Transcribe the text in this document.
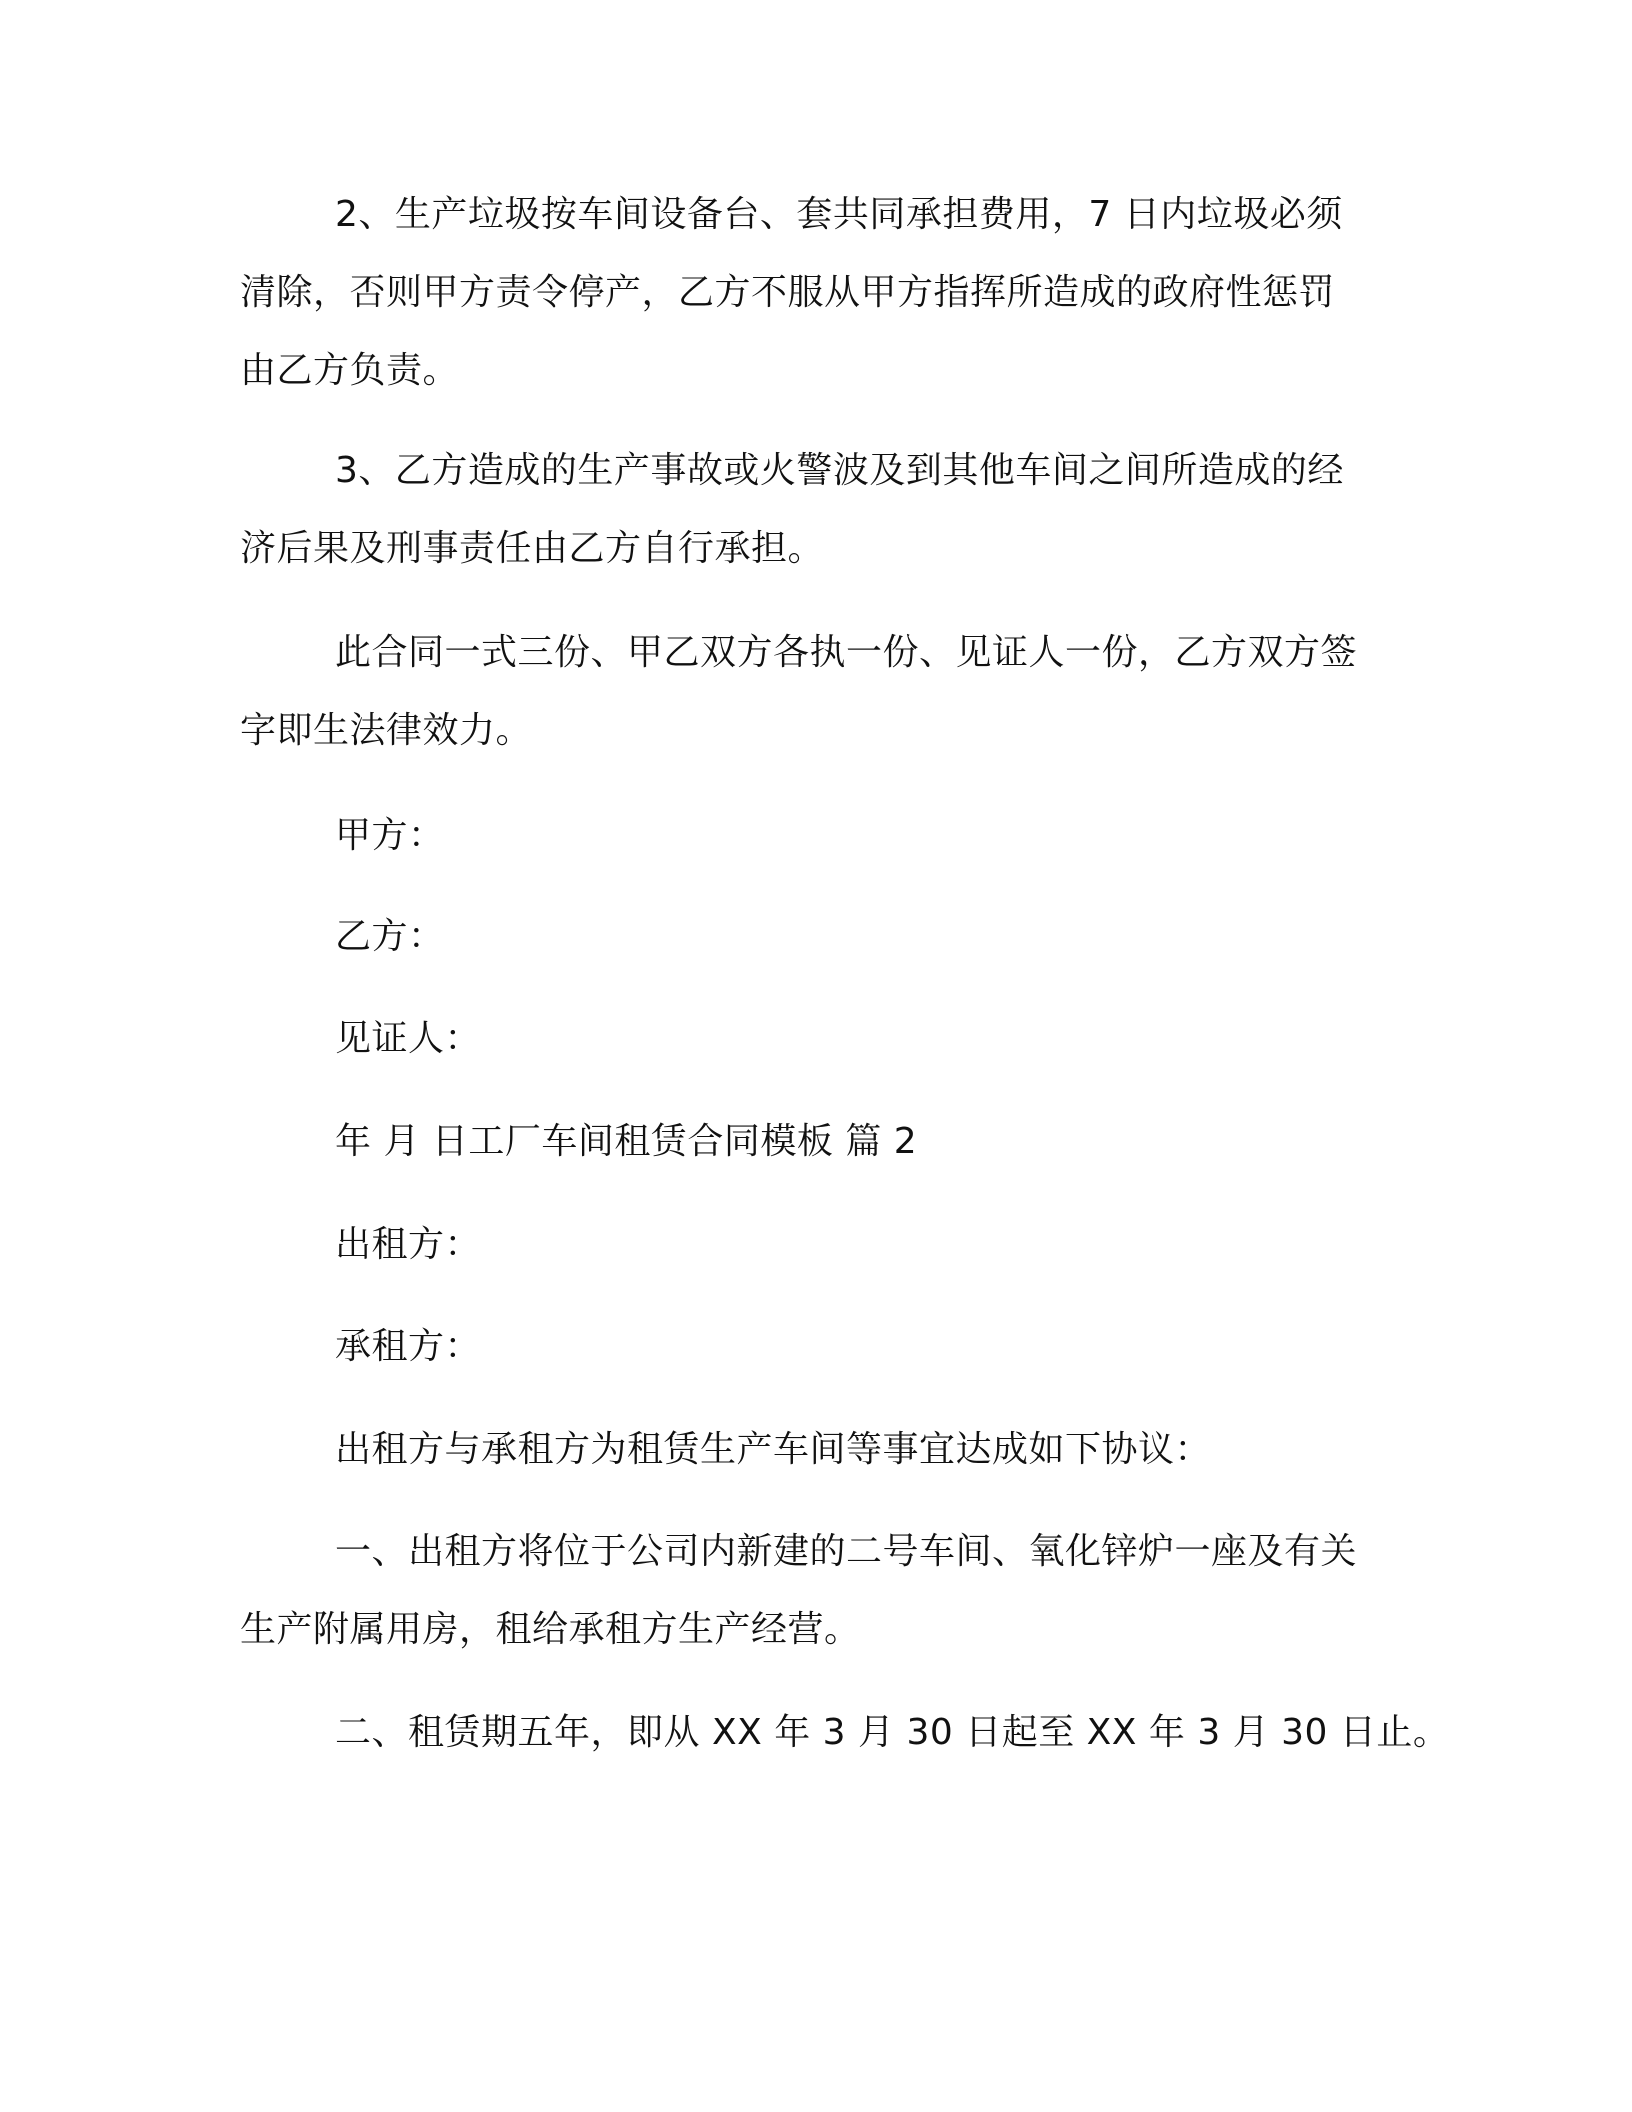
2、生产垃圾按车间设备台、套共同承担费用，7 日内垃圾必须
清除，否则甲方责令停产，乙方不服从甲方指挥所造成的政府性惩罚
由乙方负责。
3、乙方造成的生产事故或火警波及到其他车间之间所造成的经
济后果及刑事责任由乙方自行承担。
此合同一式三份、甲乙双方各执一份、见证人一份，乙方双方签
字即生法律效力。
甲方：
乙方：
见证人：
年 月 日工厂车间租赁合同模板 篇 2
出租方：
承租方：
出租方与承租方为租赁生产车间等事宜达成如下协议：
一、出租方将位于公司内新建的二号车间、氧化锌炉一座及有关
生产附属用房，租给承租方生产经营。
二、租赁期五年，即从 XX 年 3 月 30 日起至 XX 年 3 月 30 日止。
